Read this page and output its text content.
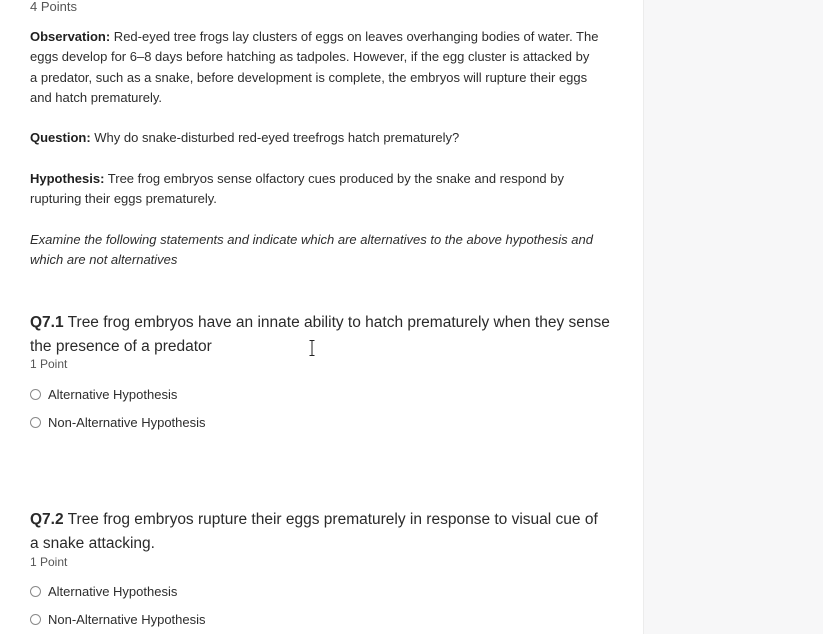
4 Points
Observation: Red-eyed tree frogs lay clusters of eggs on leaves overhanging bodies of water. The eggs develop for 6–8 days before hatching as tadpoles. However, if the egg cluster is attacked by a predator, such as a snake, before development is complete, the embryos will rupture their eggs and hatch prematurely.
Question: Why do snake-disturbed red-eyed treefrogs hatch prematurely?
Hypothesis: Tree frog embryos sense olfactory cues produced by the snake and respond by rupturing their eggs prematurely.
Examine the following statements and indicate which are alternatives to the above hypothesis and which are not alternatives
Q7.1 Tree frog embryos have an innate ability to hatch prematurely when they sense the presence of a predator
1 Point
Alternative Hypothesis
Non-Alternative Hypothesis
Q7.2 Tree frog embryos rupture their eggs prematurely in response to visual cue of a snake attacking.
1 Point
Alternative Hypothesis
Non-Alternative Hypothesis
